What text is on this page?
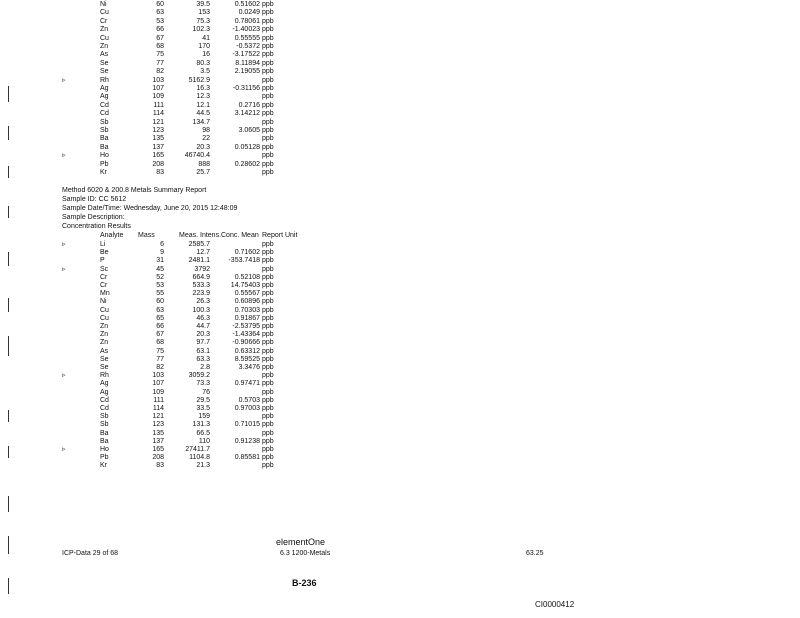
Ni	60	39.5	0.51602 ppb
Cu	63	153	0.0249 ppb
Cr	53	75.3	0.78061 ppb
Zn	66	102.3	-1.40023 ppb
Cu	67	41	0.55555 ppb
Zn	68	170	-0.5372 ppb
As	75	16	-3.17522 ppb
Se	77	80.3	8.11894 ppb
Se	82	3.5	2.19055 ppb
▹	Rh	103	5162.9	ppb
Ag	107	16.3	-0.31156 ppb
Ag	109	12.3	ppb
Cd	111	12.1	0.2716 ppb
Cd	114	44.5	3.14212 ppb
Sb	121	134.7	ppb
Sb	123	98	3.0605 ppb
Ba	135	22	ppb
Ba	137	20.3	0.05128 ppb
▹	Ho	165	46740.4	ppb
Pb	208	888	0.28602 ppb
Kr	83	25.7	ppb
Method 6020 & 200.8 Metals Summary Report
Sample ID: CC 5612
Sample Date/Time: Wednesday, June 20, 2015 12:48:09
Sample Description:
Concentration Results
Analyte Mass	Meas. Intens. Conc. Mean Report Unit
▹	Li	6	2585.7	ppb
Be	9	12.7	0.71602 ppb
P	31	2481.1	-353.7418 ppb
▹	Sc	45	3792	ppb
Cr	52	664.9	0.52108 ppb
Cr	53	533.3	14.75403 ppb
Mn	55	223.9	0.55567 ppb
Ni	60	26.3	0.60896 ppb
Cu	63	100.3	0.70303 ppb
Cu	65	46.3	0.91867 ppb
Zn	66	44.7	-2.53795 ppb
Zn	67	20.3	-1.43364 ppb
Zn	68	97.7	-0.90666 ppb
As	75	63.1	0.63312 ppb
Se	77	63.3	8.59525 ppb
Se	82	2.8	3.3476 ppb
▹	Rh	103	3059.2	ppb
Ag	107	73.3	0.97471 ppb
Ag	109	76	ppb
Cd	111	29.5	0.5703 ppb
Cd	114	33.5	0.97003 ppb
Sb	121	159	ppb
Sb	123	131.3	0.71015 ppb
Ba	135	66.5	ppb
Ba	137	110	0.91238 ppb
▹	Ho	165	27411.7	ppb
Pb	208	1104.8	0.85581 ppb
Kr	83	21.3	ppb
elementOne
ICP-Data 29 of 68	6.3 1200-Metals	63.25
B-236
CI0000412
